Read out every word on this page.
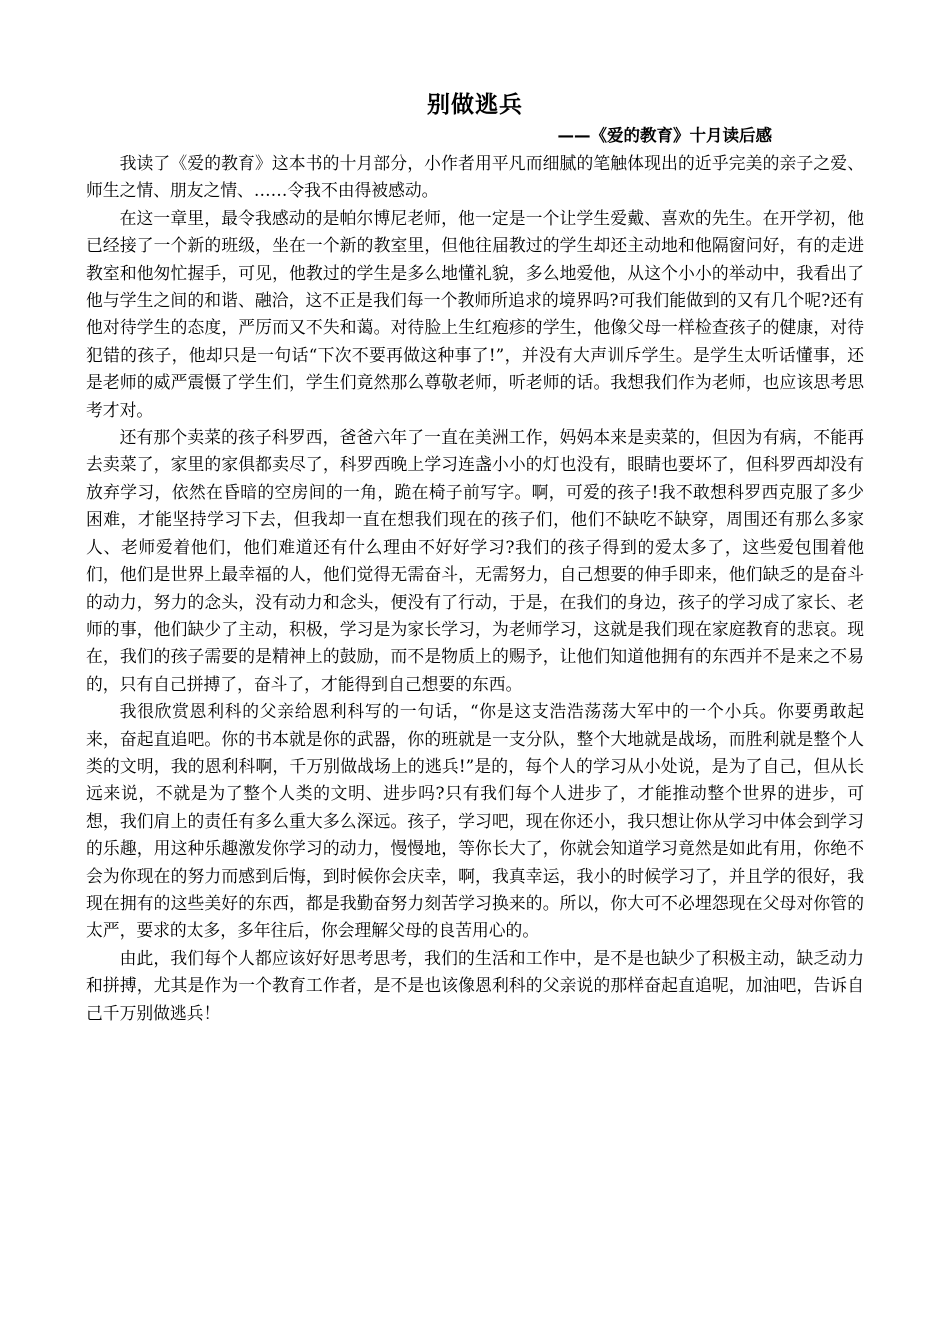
别做逃兵

——《爱的教育》十月读后感

我读了《爱的教育》这本书的十月部分，小作者用平凡而细腻的笔触体现出的近乎完美的亲子之爱、师生之情、朋友之情、……令我不由得被感动。

在这一章里，最令我感动的是帕尔博尼老师，他一定是一个让学生爱戴、喜欢的先生。在开学初，他已经接了一个新的班级，坐在一个新的教室里，但他往届教过的学生却还主动地和他隔窗问好，有的走进教室和他匆忙握手，可见，他教过的学生是多么地懂礼貌，多么地爱他，从这个小小的举动中，我看出了他与学生之间的和谐、融洽，这不正是我们每一个教师所追求的境界吗?可我们能做到的又有几个呢?还有他对待学生的态度，严厉而又不失和蔼。对待脸上生红疱疹的学生，他像父母一样检查孩子的健康，对待犯错的孩子，他却只是一句话“下次不要再做这种事了!”，并没有大声训斥学生。是学生太听话懂事，还是老师的威严震慑了学生们，学生们竟然那么尊敬老师，听老师的话。我想我们作为老师，也应该思考思考才对。

还有那个卖菜的孩子科罗西，爸爸六年了一直在美洲工作，妈妈本来是卖菜的，但因为有病，不能再去卖菜了，家里的家俱都卖尽了，科罗西晚上学习连盏小小的灯也没有，眼睛也要坏了，但科罗西却没有放弃学习，依然在昏暗的空房间的一角，跪在椅子前写字。啊，可爱的孩子!我不敢想科罗西克服了多少困难，才能坚持学习下去，但我却一直在想我们现在的孩子们，他们不缺吃不缺穿，周围还有那么多家人、老师爱着他们，他们难道还有什么理由不好好学习?我们的孩子得到的爱太多了，这些爱包围着他们，他们是世界上最幸福的人，他们觉得无需奋斗，无需努力，自己想要的伸手即来，他们缺乏的是奋斗的动力，努力的念头，没有动力和念头，便没有了行动，于是，在我们的身边，孩子的学习成了家长、老师的事，他们缺少了主动，积极，学习是为家长学习，为老师学习，这就是我们现在家庭教育的悲哀。现在，我们的孩子需要的是精神上的鼓励，而不是物质上的赐予，让他们知道他拥有的东西并不是来之不易的，只有自己拼搏了，奋斗了，才能得到自己想要的东西。

我很欣赏恩利科的父亲给恩利科写的一句话，“你是这支浩浩荡荡大军中的一个小兵。你要勇敢起来，奋起直追吧。你的书本就是你的武器，你的班就是一支分队，整个大地就是战场，而胜利就是整个人类的文明，我的恩利科啊，千万别做战场上的逃兵!”是的，每个人的学习从小处说，是为了自己，但从长远来说，不就是为了整个人类的文明、进步吗?只有我们每个人进步了，才能推动整个世界的进步，可想，我们肩上的责任有多么重大多么深远。孩子，学习吧，现在你还小，我只想让你从学习中体会到学习的乐趣，用这种乐趣激发你学习的动力，慢慢地，等你长大了，你就会知道学习竟然是如此有用，你绝不会为你现在的努力而感到后悔，到时候你会庆幸，啊，我真幸运，我小的时候学习了，并且学的很好，我现在拥有的这些美好的东西，都是我勤奋努力刻苦学习换来的。所以，你大可不必埋怨现在父母对你管的太严，要求的太多，多年往后，你会理解父母的良苦用心的。

由此，我们每个人都应该好好思考思考，我们的生活和工作中，是不是也缺少了积极主动，缺乏动力和拼搏，尤其是作为一个教育工作者，是不是也该像恩利科的父亲说的那样奋起直追呢，加油吧，告诉自己千万别做逃兵！
